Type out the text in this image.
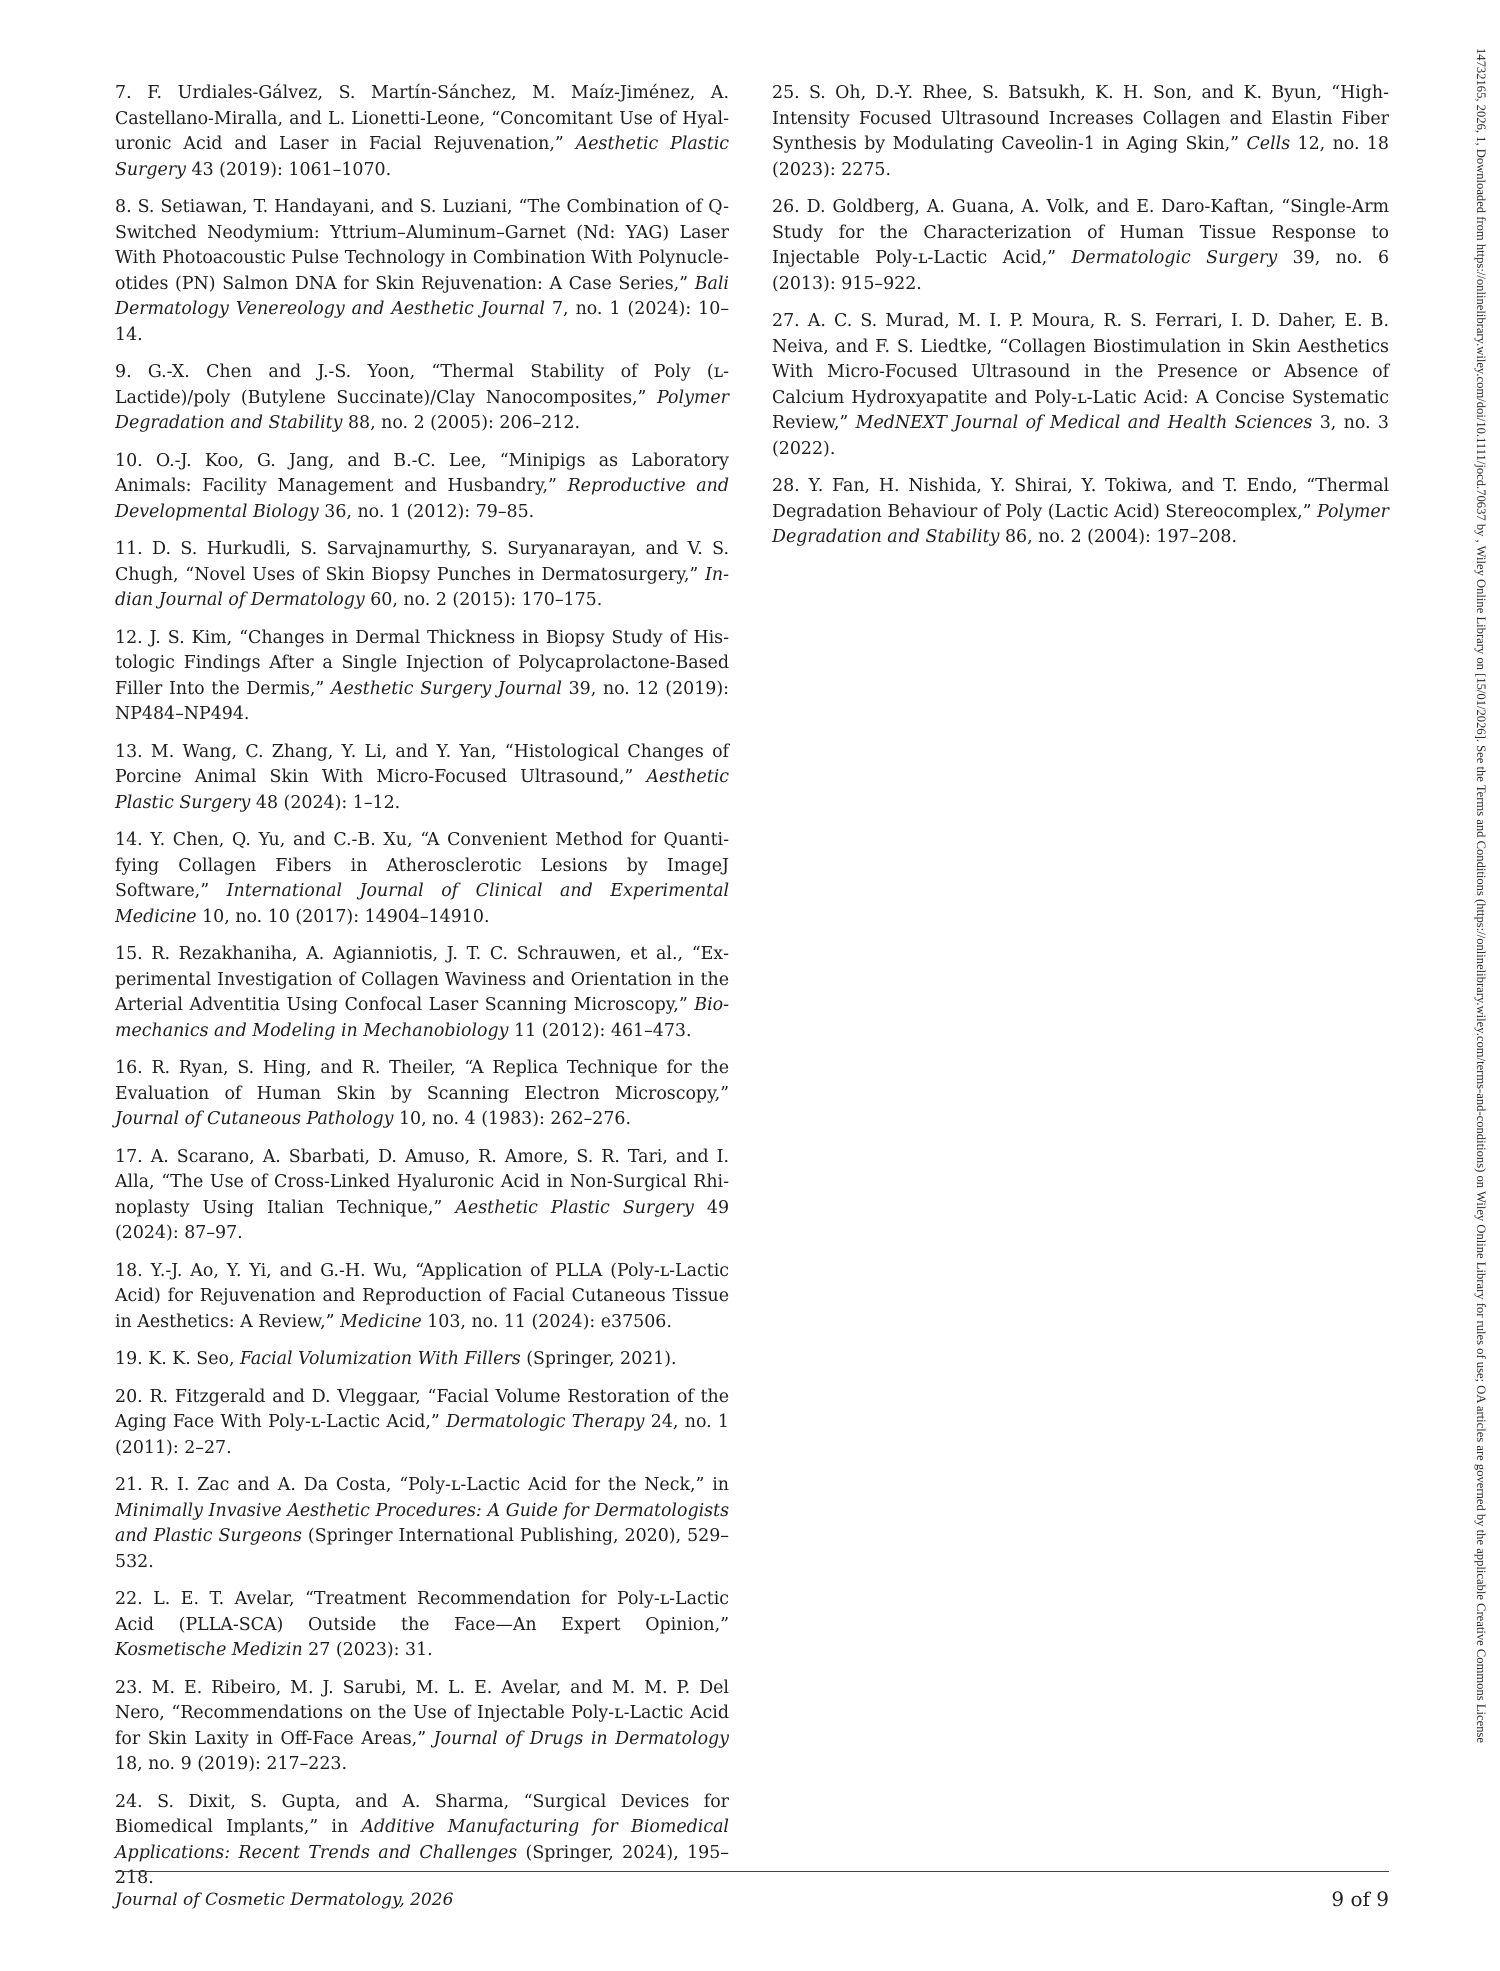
7. F. Urdiales-Gálvez, S. Martín-Sánchez, M. Maíz-Jiménez, A. Castellano-Miralla, and L. Lionetti-Leone, “Concomitant Use of Hyaluronic Acid and Laser in Facial Rejuvenation,” Aesthetic Plastic Surgery 43 (2019): 1061–1070.

8. S. Setiawan, T. Handayani, and S. Luziani, “The Combination of Q-Switched Neodymium: Yttrium–Aluminum–Garnet (Nd: YAG) Laser With Photoacoustic Pulse Technology in Combination With Polynucleotides (PN) Salmon DNA for Skin Rejuvenation: A Case Series,” Bali Dermatology Venereology and Aesthetic Journal 7, no. 1 (2024): 10–14.

9. G.-X. Chen and J.-S. Yoon, “Thermal Stability of Poly (ʟ-Lactide)/poly (Butylene Succinate)/Clay Nanocomposites,” Polymer Degradation and Stability 88, no. 2 (2005): 206–212.

10. O.-J. Koo, G. Jang, and B.-C. Lee, “Minipigs as Laboratory Animals: Facility Management and Husbandry,” Reproductive and Developmental Biology 36, no. 1 (2012): 79–85.

11. D. S. Hurkudli, S. Sarvajnamurthy, S. Suryanarayan, and V. S. Chugh, “Novel Uses of Skin Biopsy Punches in Dermatosurgery,” Indian Journal of Dermatology 60, no. 2 (2015): 170–175.

12. J. S. Kim, “Changes in Dermal Thickness in Biopsy Study of Histologic Findings After a Single Injection of Polycaprolactone-Based Filler Into the Dermis,” Aesthetic Surgery Journal 39, no. 12 (2019): NP484–NP494.

13. M. Wang, C. Zhang, Y. Li, and Y. Yan, “Histological Changes of Porcine Animal Skin With Micro-Focused Ultrasound,” Aesthetic Plastic Surgery 48 (2024): 1–12.

14. Y. Chen, Q. Yu, and C.-B. Xu, “A Convenient Method for Quantifying Collagen Fibers in Atherosclerotic Lesions by ImageJ Software,” International Journal of Clinical and Experimental Medicine 10, no. 10 (2017): 14904–14910.

15. R. Rezakhaniha, A. Agianniotis, J. T. C. Schrauwen, et al., “Experimental Investigation of Collagen Waviness and Orientation in the Arterial Adventitia Using Confocal Laser Scanning Microscopy,” Biomechanics and Modeling in Mechanobiology 11 (2012): 461–473.

16. R. Ryan, S. Hing, and R. Theiler, “A Replica Technique for the Evaluation of Human Skin by Scanning Electron Microscopy,” Journal of Cutaneous Pathology 10, no. 4 (1983): 262–276.

17. A. Scarano, A. Sbarbati, D. Amuso, R. Amore, S. R. Tari, and I. Alla, “The Use of Cross-Linked Hyaluronic Acid in Non-Surgical Rhinoplasty Using Italian Technique,” Aesthetic Plastic Surgery 49 (2024): 87–97.

18. Y.-J. Ao, Y. Yi, and G.-H. Wu, “Application of PLLA (Poly-ʟ-Lactic Acid) for Rejuvenation and Reproduction of Facial Cutaneous Tissue in Aesthetics: A Review,” Medicine 103, no. 11 (2024): e37506.

19. K. K. Seo, Facial Volumization With Fillers (Springer, 2021).

20. R. Fitzgerald and D. Vleggaar, “Facial Volume Restoration of the Aging Face With Poly-ʟ-Lactic Acid,” Dermatologic Therapy 24, no. 1 (2011): 2–27.

21. R. I. Zac and A. Da Costa, “Poly-ʟ-Lactic Acid for the Neck,” in Minimally Invasive Aesthetic Procedures: A Guide for Dermatologists and Plastic Surgeons (Springer International Publishing, 2020), 529–532.

22. L. E. T. Avelar, “Treatment Recommendation for Poly-ʟ-Lactic Acid (PLLA-SCA) Outside the Face—An Expert Opinion,” Kosmetische Medizin 27 (2023): 31.

23. M. E. Ribeiro, M. J. Sarubi, M. L. E. Avelar, and M. M. P. Del Nero, “Recommendations on the Use of Injectable Poly-ʟ-Lactic Acid for Skin Laxity in Off-Face Areas,” Journal of Drugs in Dermatology 18, no. 9 (2019): 217–223.

24. S. Dixit, S. Gupta, and A. Sharma, “Surgical Devices for Biomedical Implants,” in Additive Manufacturing for Biomedical Applications: Recent Trends and Challenges (Springer, 2024), 195–218.

25. S. Oh, D.-Y. Rhee, S. Batsukh, K. H. Son, and K. Byun, “High-Intensity Focused Ultrasound Increases Collagen and Elastin Fiber Synthesis by Modulating Caveolin-1 in Aging Skin,” Cells 12, no. 18 (2023): 2275.

26. D. Goldberg, A. Guana, A. Volk, and E. Daro-Kaftan, “Single-Arm Study for the Characterization of Human Tissue Response to Injectable Poly-ʟ-Lactic Acid,” Dermatologic Surgery 39, no. 6 (2013): 915–922.

27. A. C. S. Murad, M. I. P. Moura, R. S. Ferrari, I. D. Daher, E. B. Neiva, and F. S. Liedtke, “Collagen Biostimulation in Skin Aesthetics With Micro-Focused Ultrasound in the Presence or Absence of Calcium Hydroxyapatite and Poly-ʟ-Latic Acid: A Concise Systematic Review,” MedNEXT Journal of Medical and Health Sciences 3, no. 3 (2022).

28. Y. Fan, H. Nishida, Y. Shirai, Y. Tokiwa, and T. Endo, “Thermal Degradation Behaviour of Poly (Lactic Acid) Stereocomplex,” Polymer Degradation and Stability 86, no. 2 (2004): 197–208.

Journal of Cosmetic Dermatology, 2026	9 of 9
14732165, 2026, 1, Downloaded from https://onlinelibrary.wiley.com/doi/10.1111/jocd.70637 by , Wiley Online Library on [15/01/2026]. See the Terms and Conditions (https://onlinelibrary.wiley.com/terms-and-conditions) on Wiley Online Library for rules of use; OA articles are governed by the applicable Creative Commons License
